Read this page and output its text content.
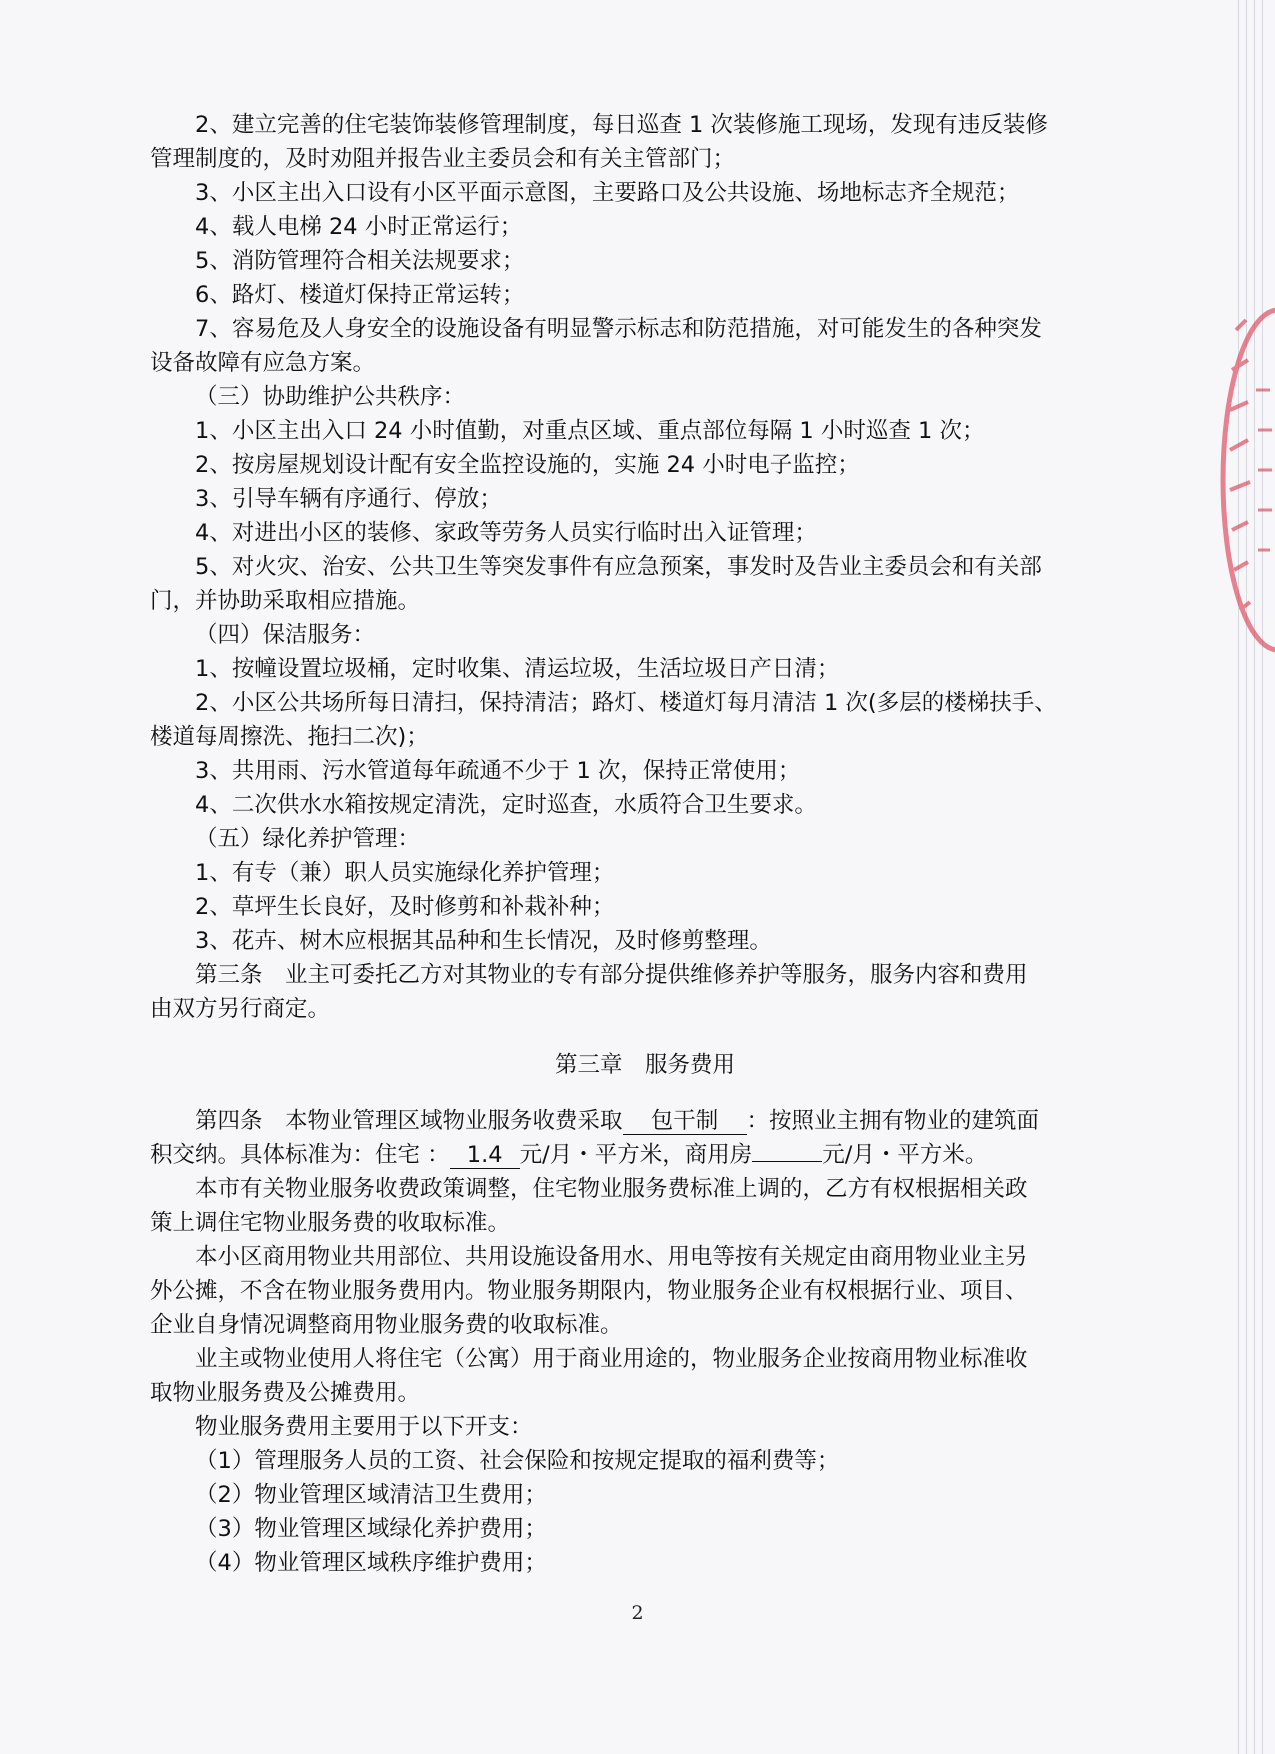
2、建立完善的住宅装饰装修管理制度，每日巡查 1 次装修施工现场，发现有违反装修
管理制度的，及时劝阻并报告业主委员会和有关主管部门；
3、小区主出入口设有小区平面示意图，主要路口及公共设施、场地标志齐全规范；
4、载人电梯 24 小时正常运行；
5、消防管理符合相关法规要求；
6、路灯、楼道灯保持正常运转；
7、容易危及人身安全的设施设备有明显警示标志和防范措施，对可能发生的各种突发
设备故障有应急方案。
（三）协助维护公共秩序：
1、小区主出入口 24 小时值勤，对重点区域、重点部位每隔 1 小时巡查 1 次；
2、按房屋规划设计配有安全监控设施的，实施 24 小时电子监控；
3、引导车辆有序通行、停放；
4、对进出小区的装修、家政等劳务人员实行临时出入证管理；
5、对火灾、治安、公共卫生等突发事件有应急预案，事发时及告业主委员会和有关部
门，并协助采取相应措施。
（四）保洁服务：
1、按幢设置垃圾桶，定时收集、清运垃圾，生活垃圾日产日清；
2、小区公共场所每日清扫，保持清洁；路灯、楼道灯每月清洁 1 次(多层的楼梯扶手、
楼道每周擦洗、拖扫二次)；
3、共用雨、污水管道每年疏通不少于 1 次，保持正常使用；
4、二次供水水箱按规定清洗，定时巡查，水质符合卫生要求。
（五）绿化养护管理：
1、有专（兼）职人员实施绿化养护管理；
2、草坪生长良好，及时修剪和补栽补种；
3、花卉、树木应根据其品种和生长情况，及时修剪整理。
第三条　业主可委托乙方对其物业的专有部分提供维修养护等服务，服务内容和费用
由双方另行商定。
第三章　服务费用
第四条　本物业管理区域物业服务收费采取 包干制 ：按照业主拥有物业的建筑面
积交纳。具体标准为：住宅 ： 1.4 元/月・平方米，商用房	元/月・平方米。
本市有关物业服务收费政策调整，住宅物业服务费标准上调的，乙方有权根据相关政
策上调住宅物业服务费的收取标准。
本小区商用物业共用部位、共用设施设备用水、用电等按有关规定由商用物业业主另
外公摊，不含在物业服务费用内。物业服务期限内，物业服务企业有权根据行业、项目、
企业自身情况调整商用物业服务费的收取标准。
业主或物业使用人将住宅（公寓）用于商业用途的，物业服务企业按商用物业标准收
取物业服务费及公摊费用。
物业服务费用主要用于以下开支：
（1）管理服务人员的工资、社会保险和按规定提取的福利费等；
（2）物业管理区域清洁卫生费用；
（3）物业管理区域绿化养护费用；
（4）物业管理区域秩序维护费用；
2
